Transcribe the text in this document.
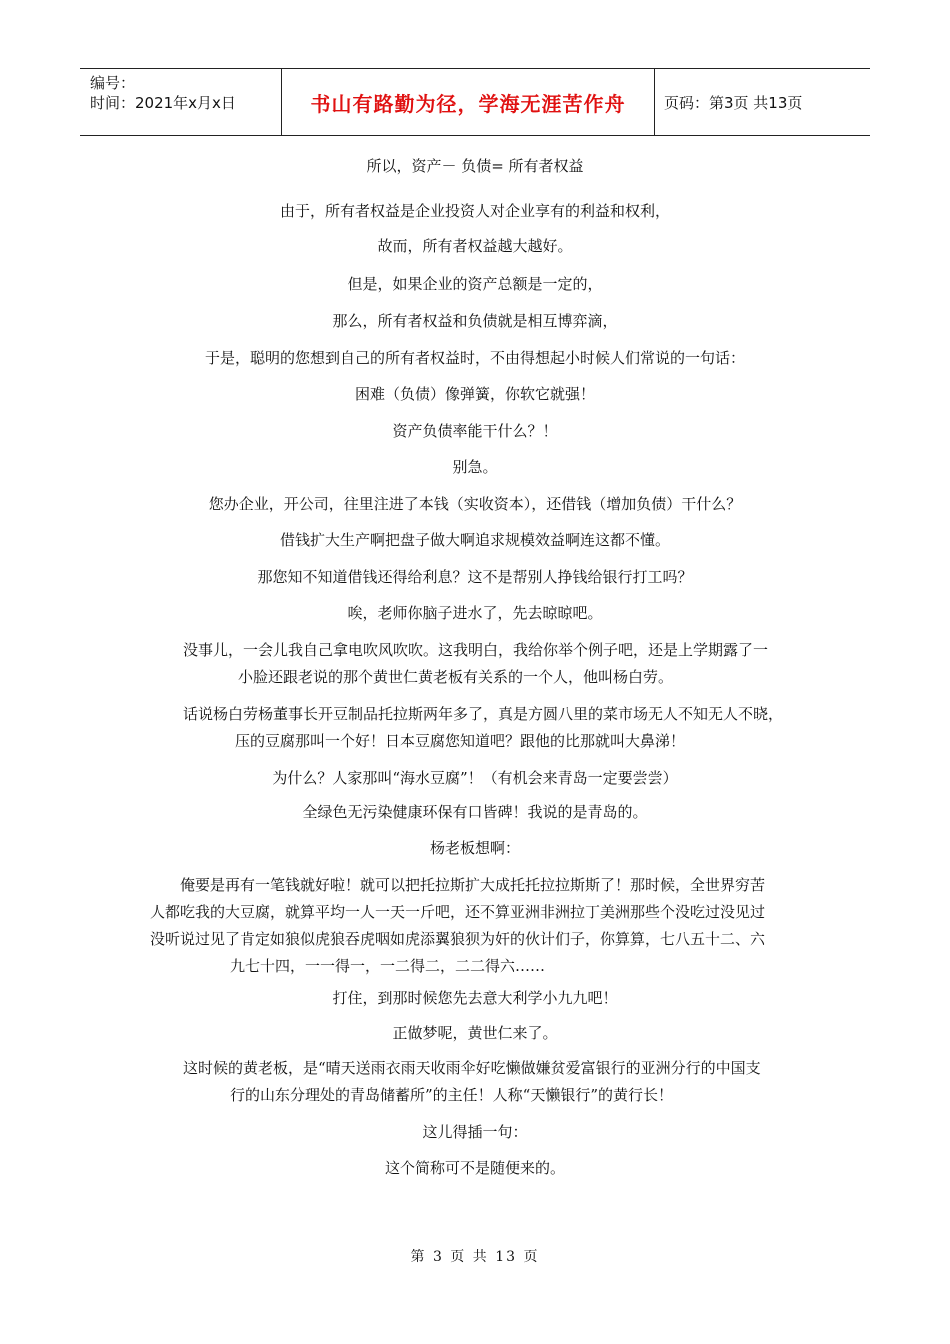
编号：
时间：2021年x月x日	书山有路勤为径，学海无涯苦作舟	页码：第3页 共13页
所以，资产－ 负债= 所有者权益
由于，所有者权益是企业投资人对企业享有的利益和权利，
故而，所有者权益越大越好。
但是，如果企业的资产总额是一定的，
那么，所有者权益和负债就是相互博弈滴，
于是，聪明的您想到自己的所有者权益时，不由得想起小时候人们常说的一句话：
困难（负债）像弹簧，你软它就强！
资产负债率能干什么？！
别急。
您办企业，开公司，往里注进了本钱（实收资本），还借钱（增加负债）干什么？
借钱扩大生产啊把盘子做大啊追求规模效益啊连这都不懂。
那您知不知道借钱还得给利息？这不是帮别人挣钱给银行打工吗？
唉，老师你脑子进水了，先去晾晾吧。
没事儿，一会儿我自己拿电吹风吹吹。这我明白，我给你举个例子吧，还是上学期露了一
小脸还跟老说的那个黄世仁黄老板有关系的一个人，他叫杨白劳。
话说杨白劳杨董事长开豆制品托拉斯两年多了，真是方圆八里的菜市场无人不知无人不晓，
压的豆腐那叫一个好！日本豆腐您知道吧？跟他的比那就叫大鼻涕！
为什么？人家那叫“海水豆腐”！（有机会来青岛一定要尝尝）
全绿色无污染健康环保有口皆碑！我说的是青岛的。
杨老板想啊：
俺要是再有一笔钱就好啦！就可以把托拉斯扩大成托托拉拉斯斯了！那时候，全世界穷苦
人都吃我的大豆腐，就算平均一人一天一斤吧，还不算亚洲非洲拉丁美洲那些个没吃过没见过
没听说过见了肯定如狼似虎狼吞虎咽如虎添翼狼狈为奸的伙计们子，你算算，七八五十二、六
九七十四，一一得一，一二得二，二二得六……
打住，到那时候您先去意大利学小九九吧！
正做梦呢，黄世仁来了。
这时候的黄老板，是“晴天送雨衣雨天收雨伞好吃懒做嫌贫爱富银行的亚洲分行的中国支
行的山东分理处的青岛储蓄所”的主任！人称“天懒银行”的黄行长！
这儿得插一句：
这个简称可不是随便来的。
第 3 页 共 13 页
